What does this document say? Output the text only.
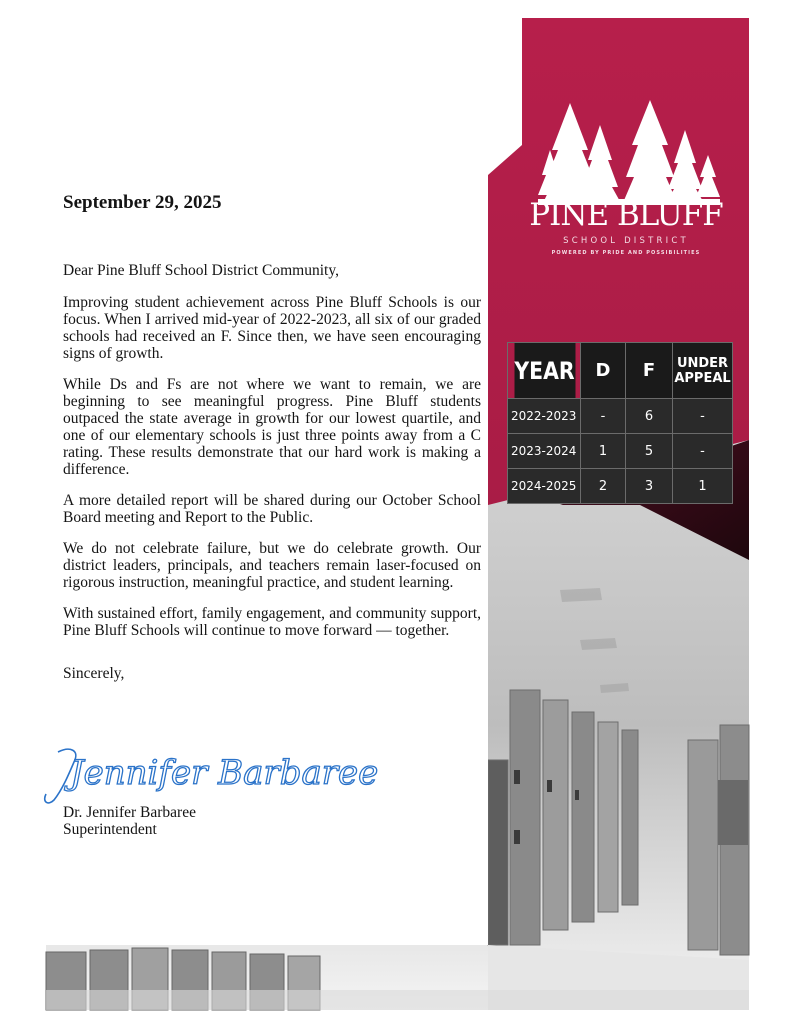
PINE BLUFF
SCHOOL DISTRICT
POWERED BY PRIDE AND POSSIBILITIES
YEAR	D	F	UNDER APPEAL
2022-2023	-	6	-
2023-2024	1	5	-
2024-2025	2	3	1

September 29, 2025

Dear Pine Bluff School District Community,

Improving student achievement across Pine Bluff Schools is our focus. When I arrived mid-year of 2022-2023, all six of our graded schools had received an F. Since then, we have seen encouraging signs of growth.

While Ds and Fs are not where we want to remain, we are beginning to see meaningful progress. Pine Bluff students outpaced the state average in growth for our lowest quartile, and one of our elementary schools is just three points away from a C rating. These results demonstrate that our hard work is making a difference.

A more detailed report will be shared during our October School Board meeting and Report to the Public.

We do not celebrate failure, but we do celebrate growth. Our district leaders, principals, and teachers remain laser-focused on rigorous instruction, meaningful practice, and student learning.

With sustained effort, family engagement, and community support, Pine Bluff Schools will continue to move forward — together.

Sincerely,

Jennifer Barbaree
Dr. Jennifer Barbaree
Superintendent
